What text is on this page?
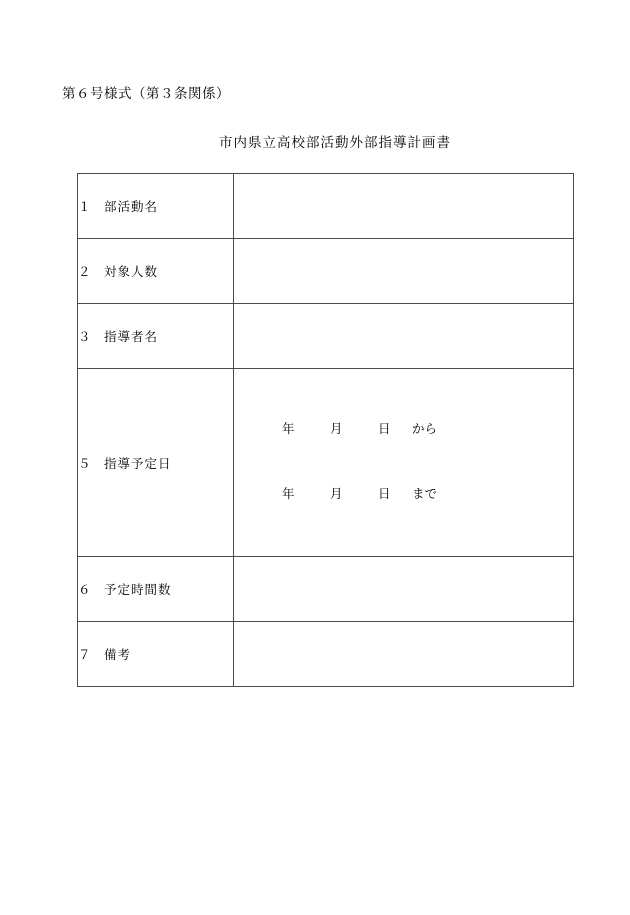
第６号様式（第３条関係）
市内県立高校部活動外部指導計画書
１ 部活動名	
２ 対象人数	
３ 指導者名	
５ 指導予定日	年 月 日 から

年 月 日 まで

６ 予定時間数	
７ 備考	
